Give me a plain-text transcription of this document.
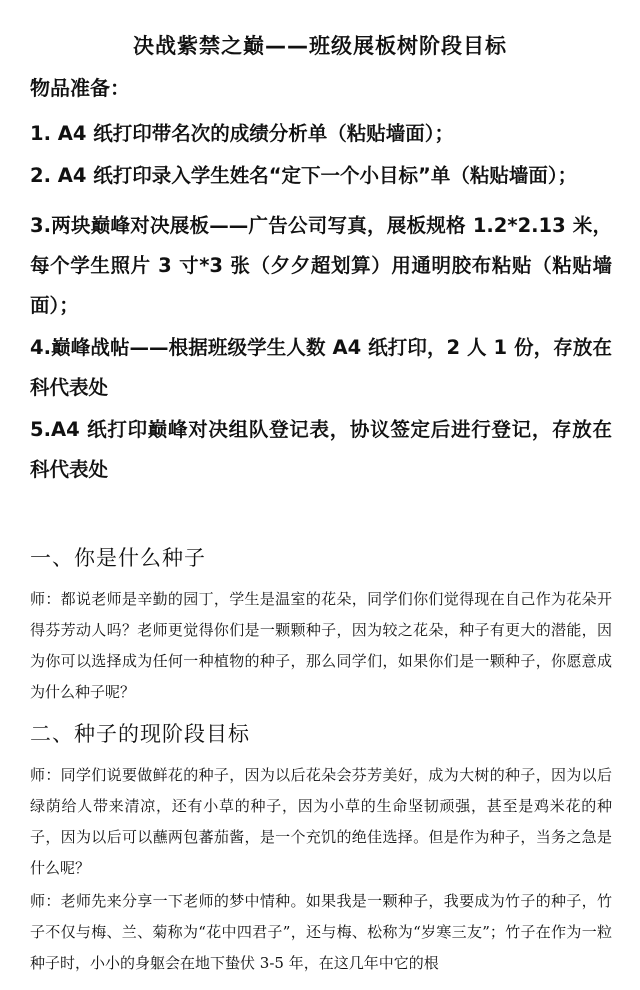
决战紫禁之巅——班级展板树阶段目标
物品准备：
1. A4 纸打印带名次的成绩分析单（粘贴墙面）；
2. A4 纸打印录入学生姓名“定下一个小目标”单（粘贴墙面）；
3.两块巅峰对决展板——广告公司写真，展板规格 1.2*2.13 米，每个学生照片 3 寸*3 张（夕夕超划算）用通明胶布粘贴（粘贴墙面）；
4.巅峰战帖——根据班级学生人数 A4 纸打印，2 人 1 份，存放在科代表处
5.A4 纸打印巅峰对决组队登记表，协议签定后进行登记，存放在科代表处
一、你是什么种子
师：都说老师是辛勤的园丁，学生是温室的花朵，同学们你们觉得现在自己作为花朵开得芬芳动人吗？老师更觉得你们是一颗颗种子，因为较之花朵，种子有更大的潜能，因为你可以选择成为任何一种植物的种子，那么同学们，如果你们是一颗种子，你愿意成为什么种子呢？
二、种子的现阶段目标
师：同学们说要做鲜花的种子，因为以后花朵会芬芳美好，成为大树的种子，因为以后绿荫给人带来清凉，还有小草的种子，因为小草的生命坚韧顽强，甚至是鸡米花的种子，因为以后可以蘸两包蕃茄酱，是一个充饥的绝佳选择。但是作为种子，当务之急是什么呢？
师：老师先来分享一下老师的梦中情种。如果我是一颗种子，我要成为竹子的种子，竹子不仅与梅、兰、菊称为“花中四君子”，还与梅、松称为“岁寒三友”；竹子在作为一粒种子时，小小的身躯会在地下蛰伏 3-5 年，在这几年中它的根
